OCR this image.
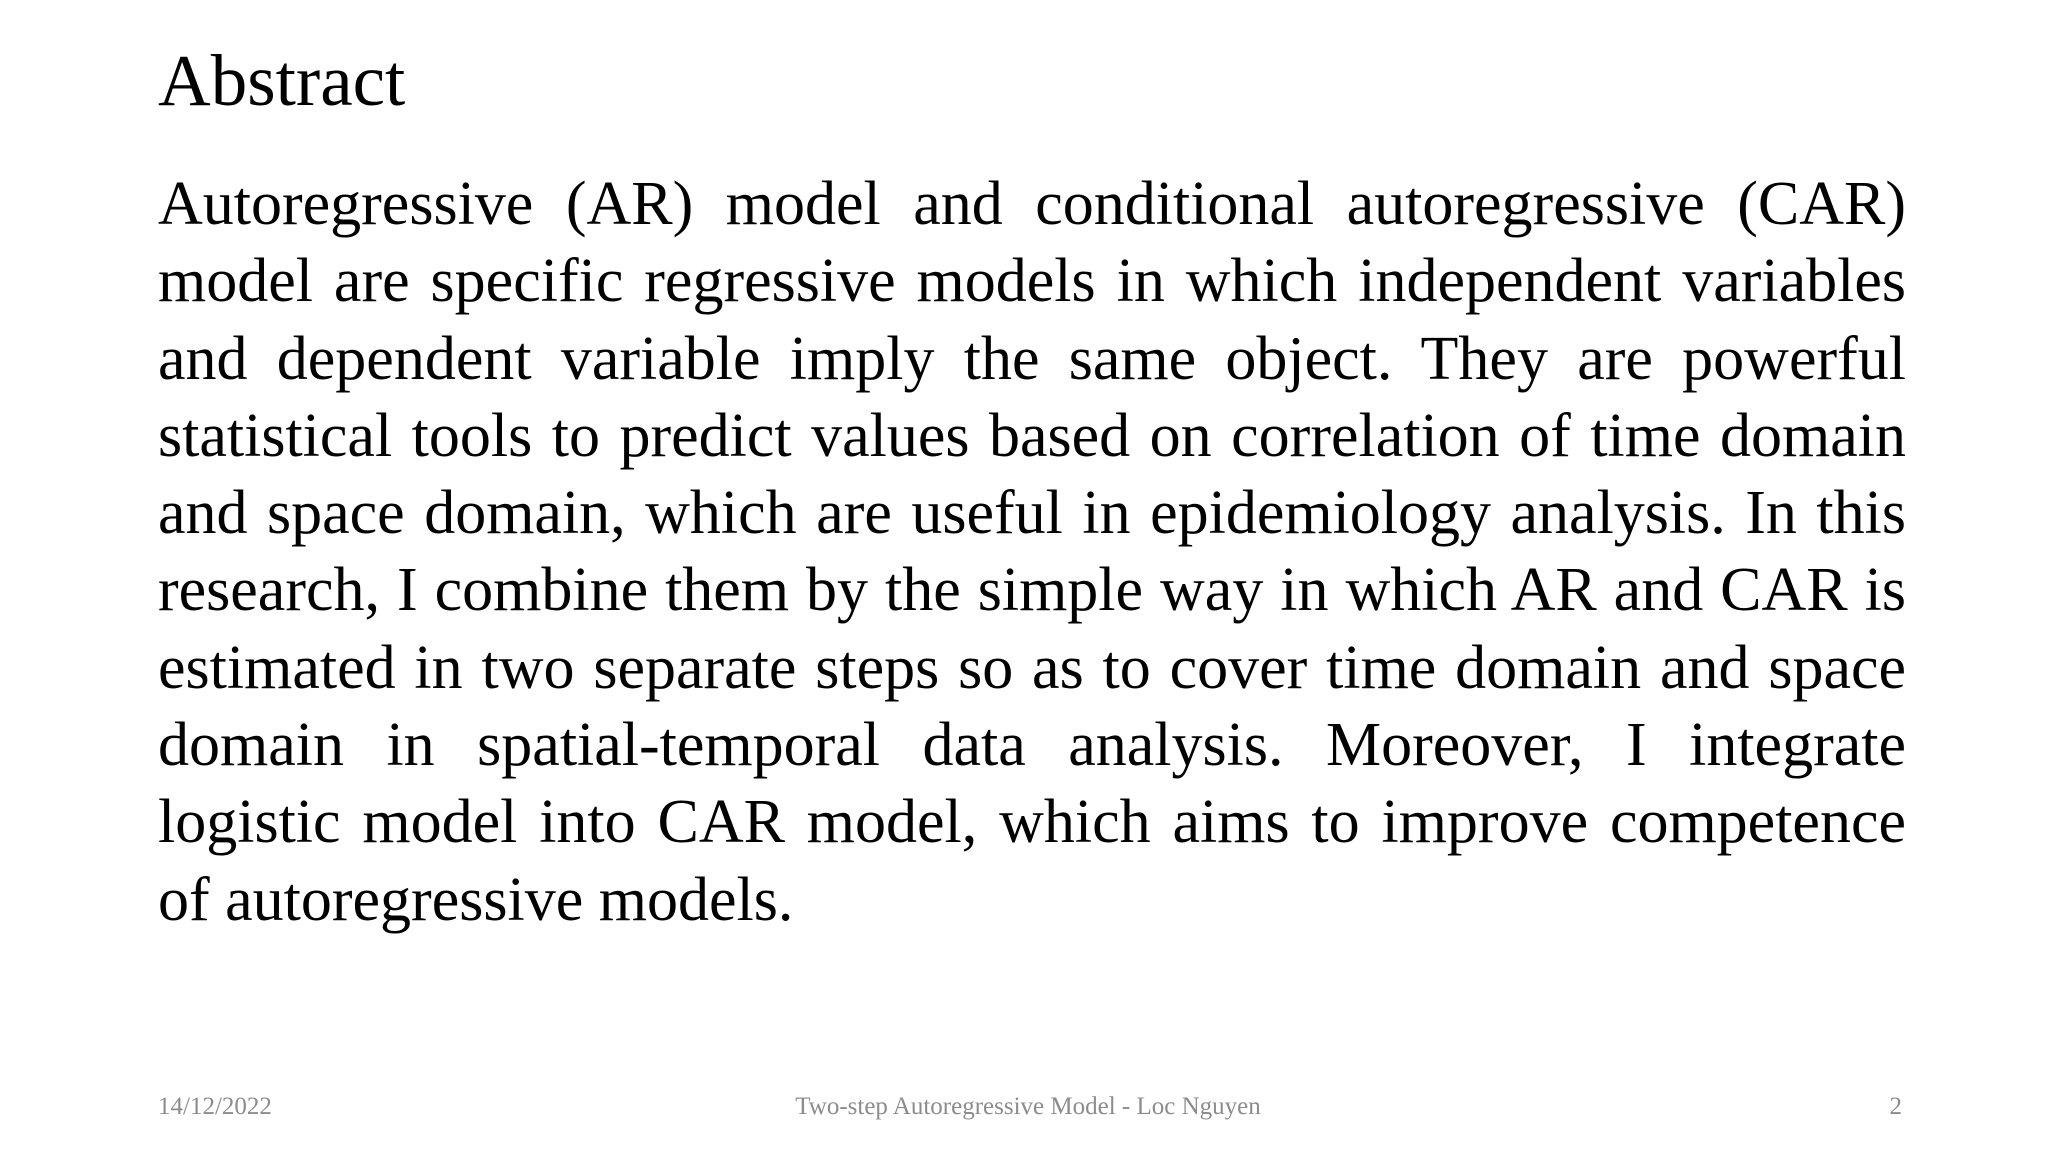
Abstract

Autoregressive (AR) model and conditional autoregressive (CAR) model are specific regressive models in which independent variables and dependent variable imply the same object. They are powerful statistical tools to predict values based on correlation of time domain and space domain, which are useful in epidemiology analysis. In this research, I combine them by the simple way in which AR and CAR is estimated in two separate steps so as to cover time domain and space domain in spatial-temporal data analysis. Moreover, I integrate logistic model into CAR model, which aims to improve competence of autoregressive models.

14/12/2022	Two-step Autoregressive Model - Loc Nguyen	2
